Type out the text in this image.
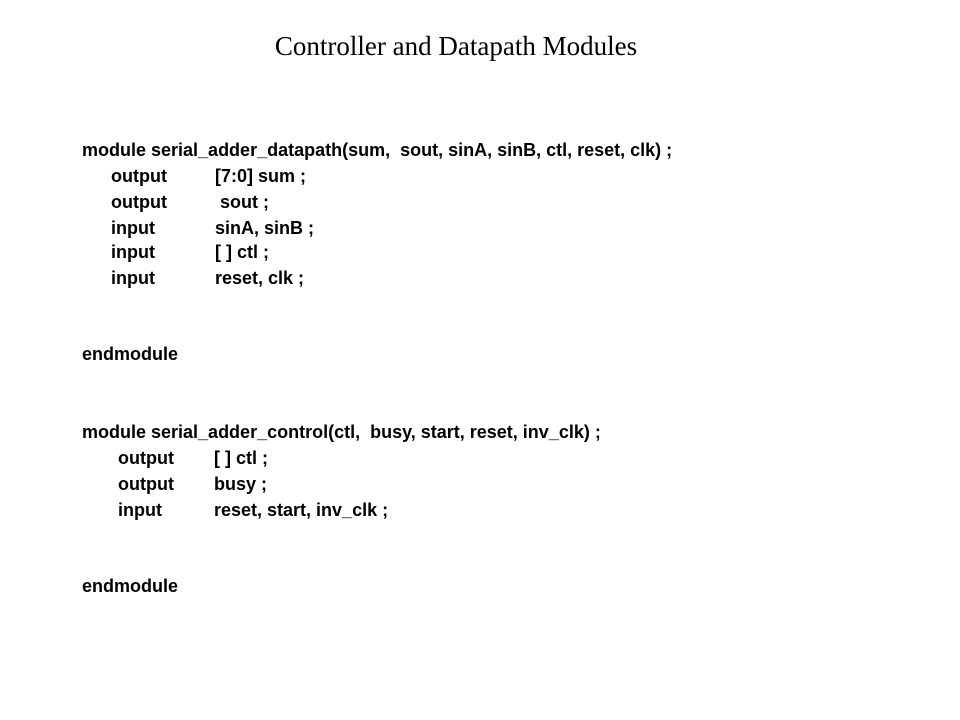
Controller and Datapath Modules
module serial_adder_datapath(sum,  sout, sinA, sinB, ctl, reset, clk) ;
output	[7:0] sum ;
output	sout ;
input	sinA, sinB ;
input	[ ] ctl ;
input	reset, clk ;
endmodule
module serial_adder_control(ctl,  busy, start, reset, inv_clk) ;
output [ ] ctl ;
output busy ;
input	reset, start, inv_clk ;
endmodule
